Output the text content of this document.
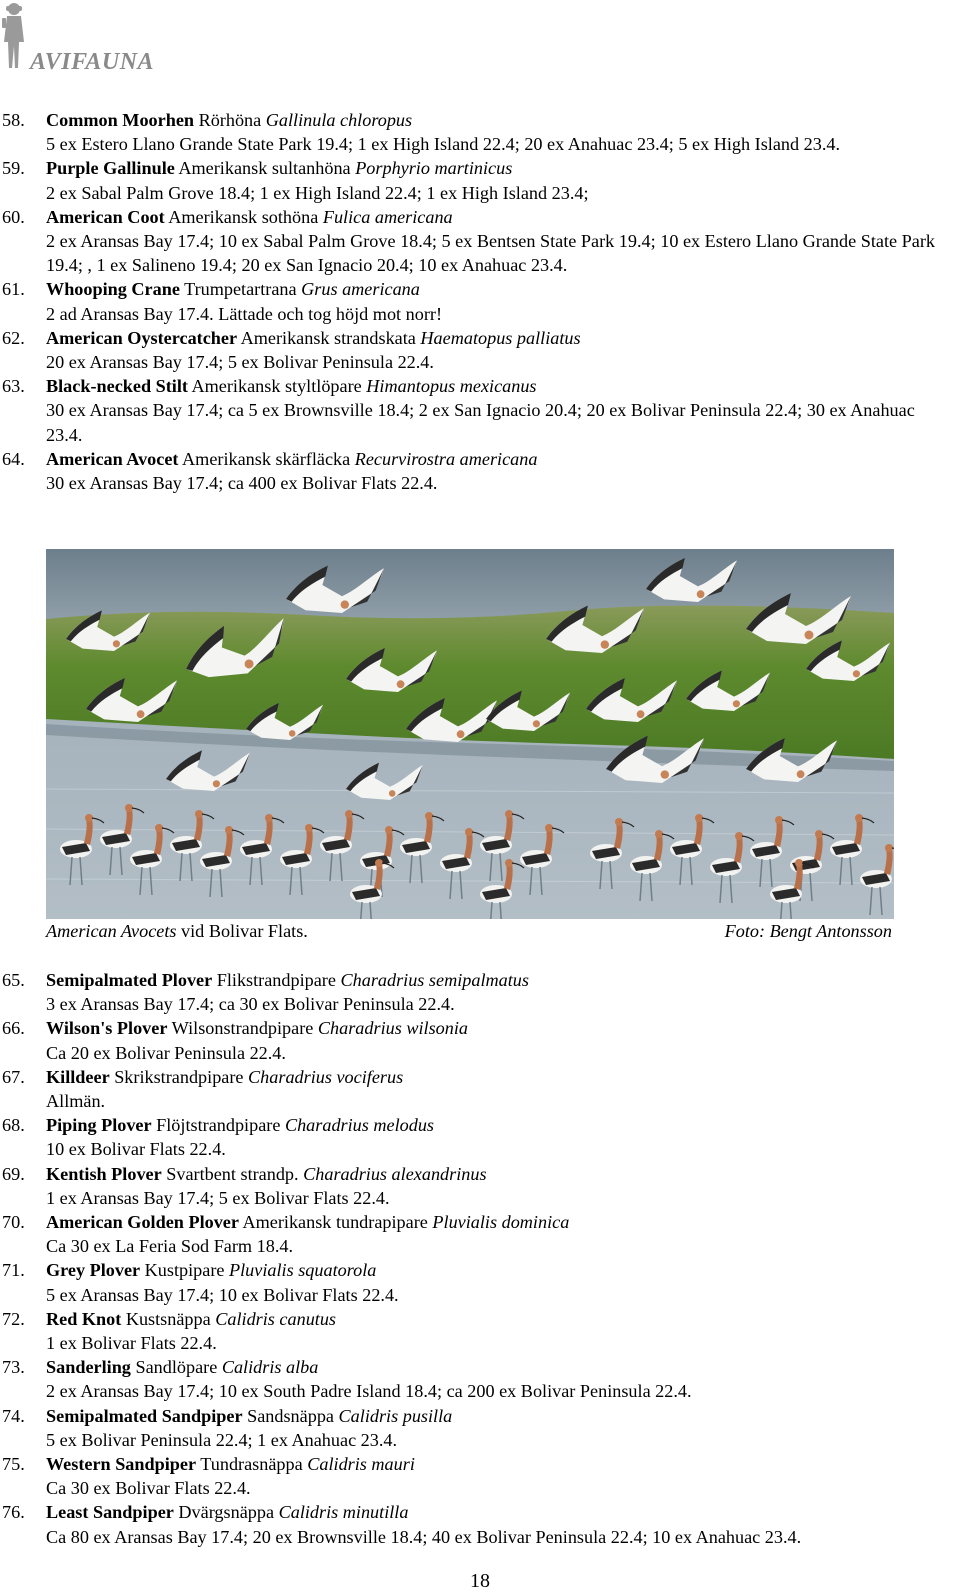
AVIFAUNA
58. Common Moorhen Rörhöna Gallinula chloropus
5 ex Estero Llano Grande State Park 19.4; 1 ex High Island 22.4; 20 ex Anahuac 23.4; 5 ex High Island 23.4.
59. Purple Gallinule Amerikansk sultanhöna Porphyrio martinicus
2 ex Sabal Palm Grove 18.4; 1 ex High Island 22.4; 1 ex High Island 23.4;
60. American Coot Amerikansk sothöna Fulica americana
2 ex Aransas Bay 17.4; 10 ex Sabal Palm Grove 18.4; 5 ex Bentsen State Park 19.4; 10 ex Estero Llano Grande State Park 19.4; , 1 ex Salineno 19.4; 20 ex San Ignacio 20.4; 10 ex Anahuac 23.4.
61. Whooping Crane Trumpetartrana Grus americana
2 ad Aransas Bay 17.4. Lättade och tog höjd mot norr!
62. American Oystercatcher Amerikansk strandskata Haematopus palliatus
20 ex Aransas Bay 17.4; 5 ex Bolivar Peninsula 22.4.
63. Black-necked Stilt Amerikansk styltlöpare Himantopus mexicanus
30 ex Aransas Bay 17.4; ca 5 ex Brownsville 18.4; 2 ex San Ignacio 20.4; 20 ex Bolivar Peninsula 22.4; 30 ex Anahuac 23.4.
64. American Avocet Amerikansk skärfläcka Recurvirostra americana
30 ex Aransas Bay 17.4; ca 400 ex Bolivar Flats 22.4.
American Avocets vid Bolivar Flats.	Foto: Bengt Antonsson
65. Semipalmated Plover Flikstrandpipare Charadrius semipalmatus
3 ex Aransas Bay 17.4; ca 30 ex Bolivar Peninsula 22.4.
66. Wilson's Plover Wilsonstrandpipare Charadrius wilsonia
Ca 20 ex Bolivar Peninsula 22.4.
67. Killdeer Skrikstrandpipare Charadrius vociferus
Allmän.
68. Piping Plover Flöjtstrandpipare Charadrius melodus
10 ex Bolivar Flats 22.4.
69. Kentish Plover Svartbent strandp. Charadrius alexandrinus
1 ex Aransas Bay 17.4; 5 ex Bolivar Flats 22.4.
70. American Golden Plover Amerikansk tundrapipare Pluvialis dominica
Ca 30 ex La Feria Sod Farm 18.4.
71. Grey Plover Kustpipare Pluvialis squatorola
5 ex Aransas Bay 17.4; 10 ex Bolivar Flats 22.4.
72. Red Knot Kustsnäppa Calidris canutus
1 ex Bolivar Flats 22.4.
73. Sanderling Sandlöpare Calidris alba
2 ex Aransas Bay 17.4; 10 ex South Padre Island 18.4; ca 200 ex Bolivar Peninsula 22.4.
74. Semipalmated Sandpiper Sandsnäppa Calidris pusilla
5 ex Bolivar Peninsula 22.4; 1 ex Anahuac 23.4.
75. Western Sandpiper Tundrasnäppa Calidris mauri
Ca 30 ex Bolivar Flats 22.4.
76. Least Sandpiper Dvärgsnäppa Calidris minutilla
Ca 80 ex Aransas Bay 17.4; 20 ex Brownsville 18.4; 40 ex Bolivar Peninsula 22.4; 10 ex Anahuac 23.4.
18
